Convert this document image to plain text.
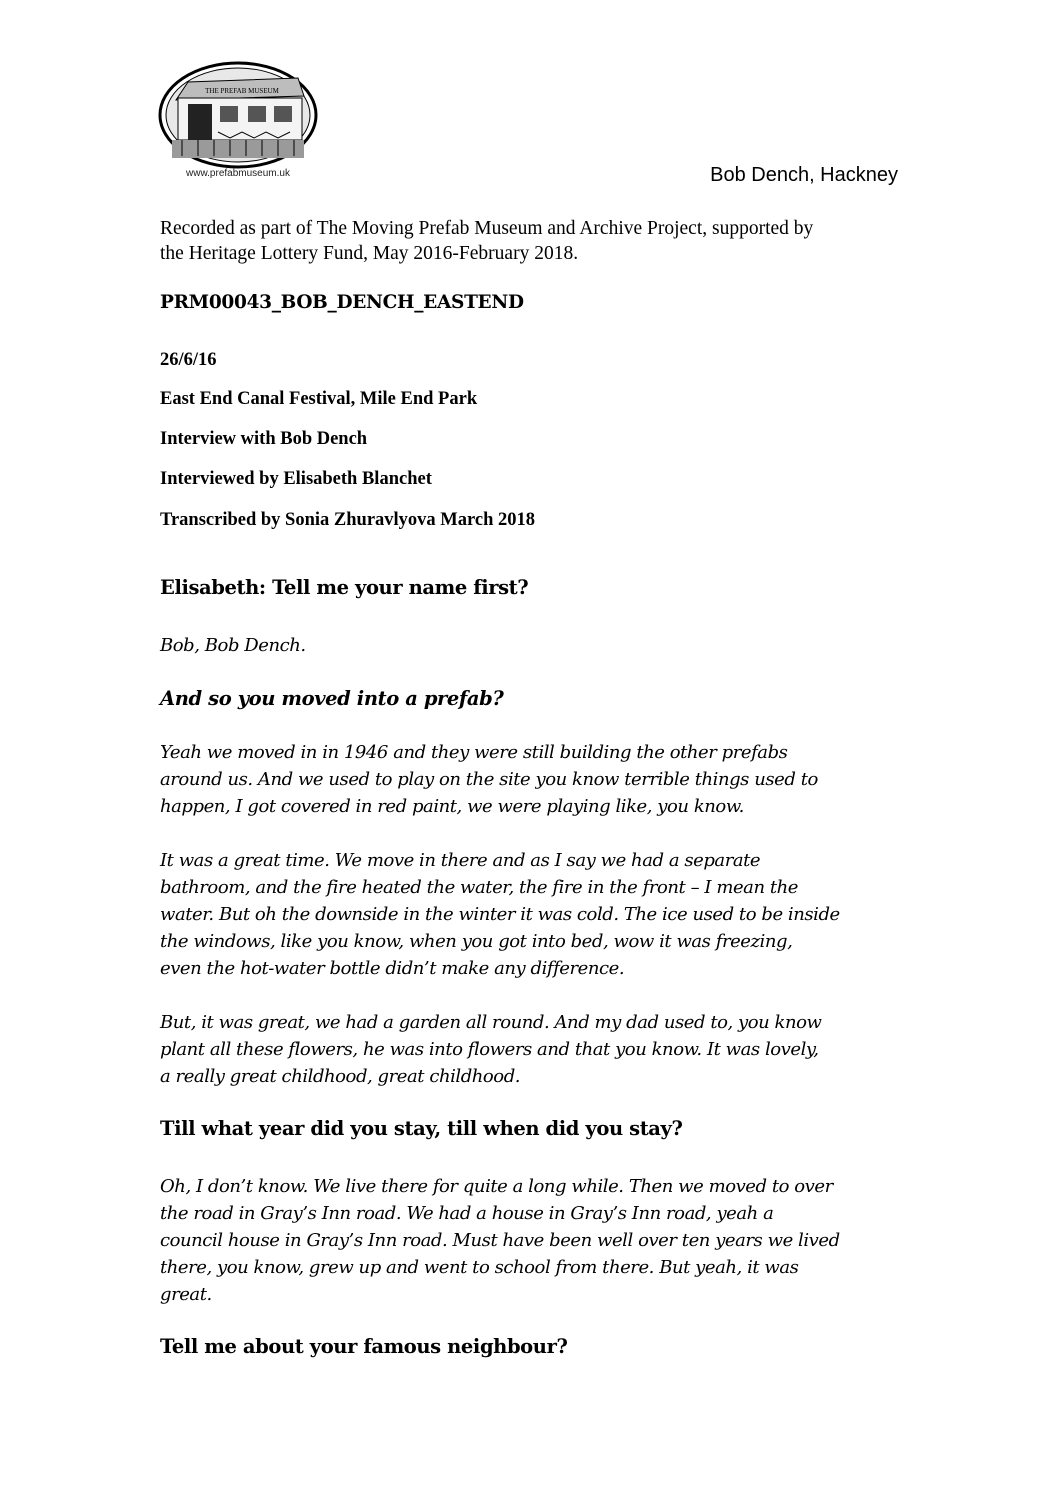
THE PREFAB MUSEUM
www.prefabmuseum.uk	Bob Dench, Hackney
Recorded as part of The Moving Prefab Museum and Archive Project, supported by
the Heritage Lottery Fund, May 2016-February 2018.
PRM00043_BOB_DENCH_EASTEND
26/6/16
East End Canal Festival, Mile End Park
Interview with Bob Dench
Interviewed by Elisabeth Blanchet
Transcribed by Sonia Zhuravlyova March 2018
Elisabeth: Tell me your name first?
Bob, Bob Dench.
And so you moved into a prefab?
Yeah we moved in in 1946 and they were still building the other prefabs
around us. And we used to play on the site you know terrible things used to
happen, I got covered in red paint, we were playing like, you know.
It was a great time. We move in there and as I say we had a separate
bathroom, and the fire heated the water, the fire in the front – I mean the
water. But oh the downside in the winter it was cold. The ice used to be inside
the windows, like you know, when you got into bed, wow it was freezing,
even the hot-water bottle didn’t make any difference.
But, it was great, we had a garden all round. And my dad used to, you know
plant all these flowers, he was into flowers and that you know. It was lovely,
a really great childhood, great childhood.
Till what year did you stay, till when did you stay?
Oh, I don’t know. We live there for quite a long while. Then we moved to over
the road in Gray’s Inn road. We had a house in Gray’s Inn road, yeah a
council house in Gray’s Inn road. Must have been well over ten years we lived
there, you know, grew up and went to school from there. But yeah, it was
great.
Tell me about your famous neighbour?
